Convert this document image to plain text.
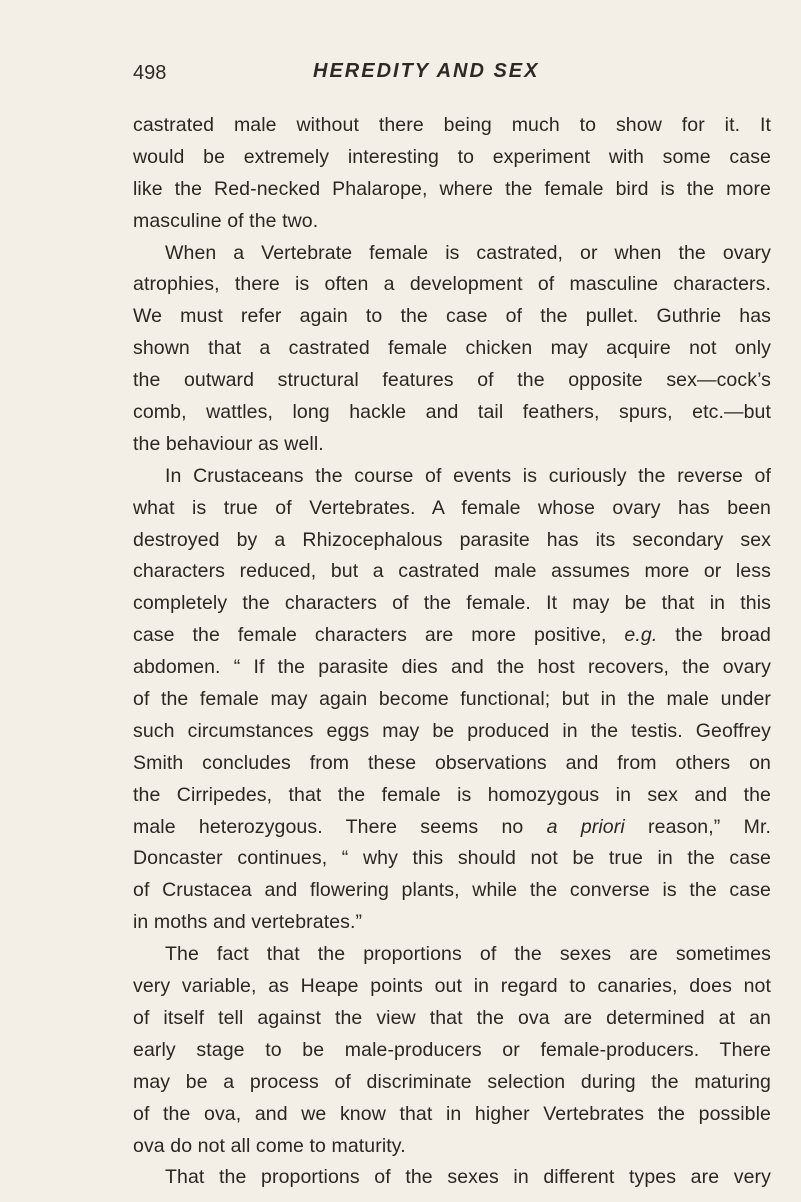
498	HEREDITY AND SEX
castrated male without there being much to show for it. It
would be extremely interesting to experiment with some case
like the Red-necked Phalarope, where the female bird is the more
masculine of the two.
When a Vertebrate female is castrated, or when the ovary
atrophies, there is often a development of masculine characters.
We must refer again to the case of the pullet. Guthrie has
shown that a castrated female chicken may acquire not only
the outward structural features of the opposite sex—cock’s
comb, wattles, long hackle and tail feathers, spurs, etc.—but
the behaviour as well.
In Crustaceans the course of events is curiously the reverse of
what is true of Vertebrates. A female whose ovary has been
destroyed by a Rhizocephalous parasite has its secondary sex
characters reduced, but a castrated male assumes more or less
completely the characters of the female. It may be that in this
case the female characters are more positive, e.g. the broad
abdomen. “ If the parasite dies and the host recovers, the ovary
of the female may again become functional; but in the male under
such circumstances eggs may be produced in the testis. Geoffrey
Smith concludes from these observations and from others on
the Cirripedes, that the female is homozygous in sex and the
male heterozygous. There seems no a priori reason,” Mr.
Doncaster continues, “ why this should not be true in the case
of Crustacea and flowering plants, while the converse is the case
in moths and vertebrates.”
The fact that the proportions of the sexes are sometimes
very variable, as Heape points out in regard to canaries, does not
of itself tell against the view that the ova are determined at an
early stage to be male-producers or female-producers. There
may be a process of discriminate selection during the maturing
of the ova, and we know that in higher Vertebrates the possible
ova do not all come to maturity.
That the proportions of the sexes in different types are very
